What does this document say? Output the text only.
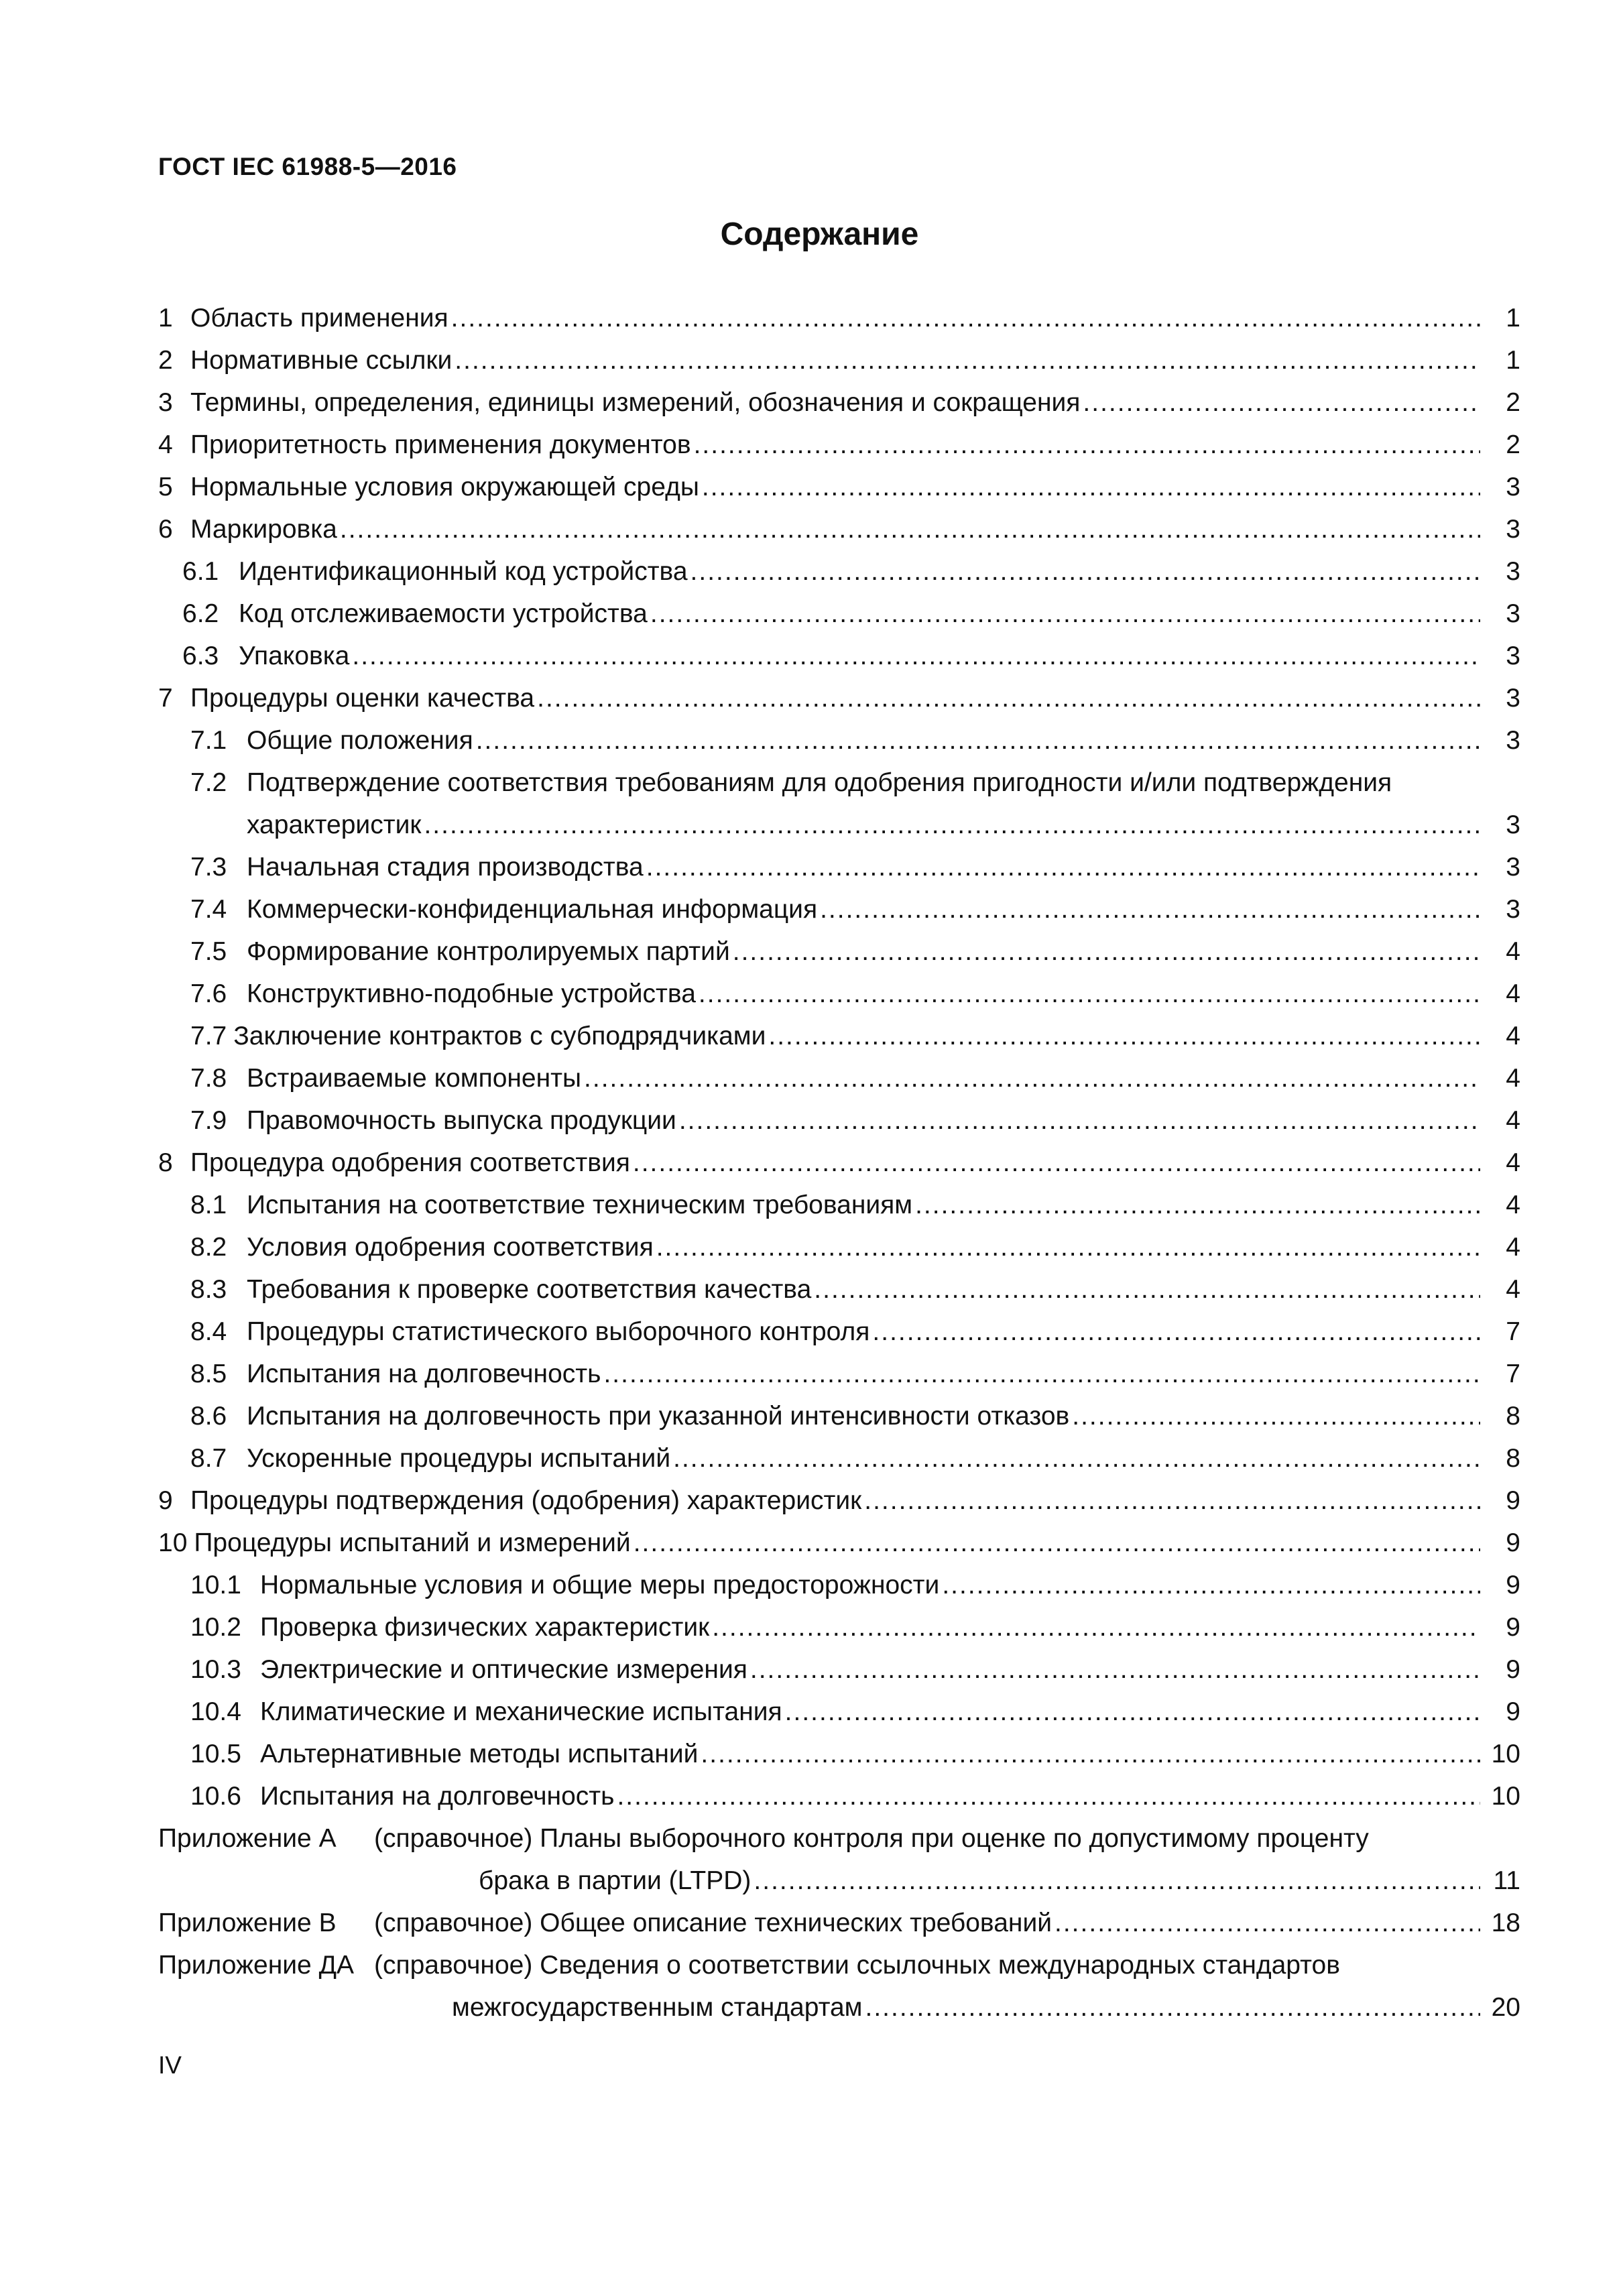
ГОСТ IEC 61988-5—2016
Содержание
1 Область применения .....	1
2 Нормативные ссылки .....	1
3 Термины, определения, единицы измерений, обозначения и сокращения .....	2
4 Приоритетность применения документов .....	2
5 Нормальные условия окружающей среды .....	3
6 Маркировка .....	3
6.1 Идентификационный код устройства .....	3
6.2 Код отслеживаемости устройства .....	3
6.3 Упаковка .....	3
7 Процедуры оценки качества .....	3
7.1 Общие положения .....	3
7.2 Подтверждение соответствия требованиям для одобрения пригодности и/или подтверждения
характеристик .....	3
7.3 Начальная стадия производства .....	3
7.4 Коммерчески-конфиденциальная информация .....	3
7.5 Формирование контролируемых партий .....	4
7.6 Конструктивно-подобные устройства .....	4
7.7 Заключение контрактов с субподрядчиками .....	4
7.8 Встраиваемые компоненты .....	4
7.9 Правомочность выпуска продукции .....	4
8 Процедура одобрения соответствия .....	4
8.1 Испытания на соответствие техническим требованиям .....	4
8.2 Условия одобрения соответствия .....	4
8.3 Требования к проверке соответствия качества .....	4
8.4 Процедуры статистического выборочного контроля .....	7
8.5 Испытания на долговечность .....	7
8.6 Испытания на долговечность при указанной интенсивности отказов .....	8
8.7 Ускоренные процедуры испытаний .....	8
9 Процедуры подтверждения (одобрения) характеристик .....	9
10 Процедуры испытаний и измерений .....	9
10.1 Нормальные условия и общие меры предосторожности .....	9
10.2 Проверка физических характеристик .....	9
10.3 Электрические и оптические измерения .....	9
10.4 Климатические и механические испытания .....	9
10.5 Альтернативные методы испытаний .....	10
10.6 Испытания на долговечность .....	10
Приложение А	(справочное) Планы выборочного контроля при оценке по допустимому проценту
брака в партии (LTPD) .....	11
Приложение В	(справочное) Общее описание технических требований .....	18
Приложение ДА (справочное) Сведения о соответствии ссылочных международных стандартов
межгосударственным стандартам .....	20
IV
